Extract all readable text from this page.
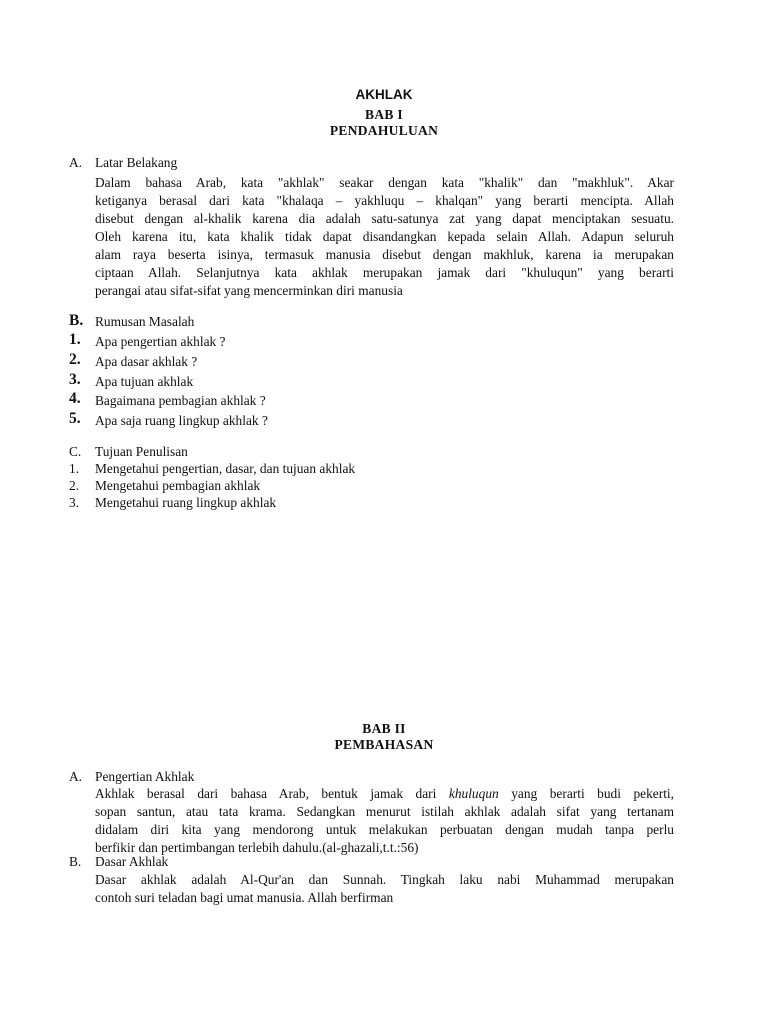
AKHLAK
BAB I
PENDAHULUAN
A. Latar Belakang
Dalam bahasa Arab, kata "akhlak" seakar dengan kata "khalik" dan "makhluk". Akar
ketiganya berasal dari kata "khalaqa – yakhluqu – khalqan" yang berarti mencipta. Allah
disebut dengan al-khalik karena dia adalah satu-satunya zat yang dapat menciptakan sesuatu.
Oleh karena itu, kata khalik tidak dapat disandangkan kepada selain Allah. Adapun seluruh
alam raya beserta isinya, termasuk manusia disebut dengan makhluk, karena ia merupakan
ciptaan Allah. Selanjutnya kata akhlak merupakan jamak dari "khuluqun" yang berarti
perangai atau sifat-sifat yang mencerminkan diri manusia
B. Rumusan Masalah
1. Apa pengertian akhlak ?
2. Apa dasar akhlak ?
3. Apa tujuan akhlak
4. Bagaimana pembagian akhlak ?
5. Apa saja ruang lingkup akhlak ?
C. Tujuan Penulisan
1. Mengetahui pengertian, dasar, dan tujuan akhlak
2. Mengetahui pembagian akhlak
3. Mengetahui ruang lingkup akhlak
BAB II
PEMBAHASAN
A. Pengertian Akhlak
Akhlak berasal dari bahasa Arab, bentuk jamak dari khuluqun yang berarti budi pekerti,
sopan santun, atau tata krama. Sedangkan menurut istilah akhlak adalah sifat yang tertanam
didalam diri kita yang mendorong untuk melakukan perbuatan dengan mudah tanpa perlu
berfikir dan pertimbangan terlebih dahulu.(al-ghazali,t.t.:56)
B. Dasar Akhlak
Dasar akhlak adalah Al-Qur'an dan Sunnah. Tingkah laku nabi Muhammad merupakan
contoh suri teladan bagi umat manusia. Allah berfirman
